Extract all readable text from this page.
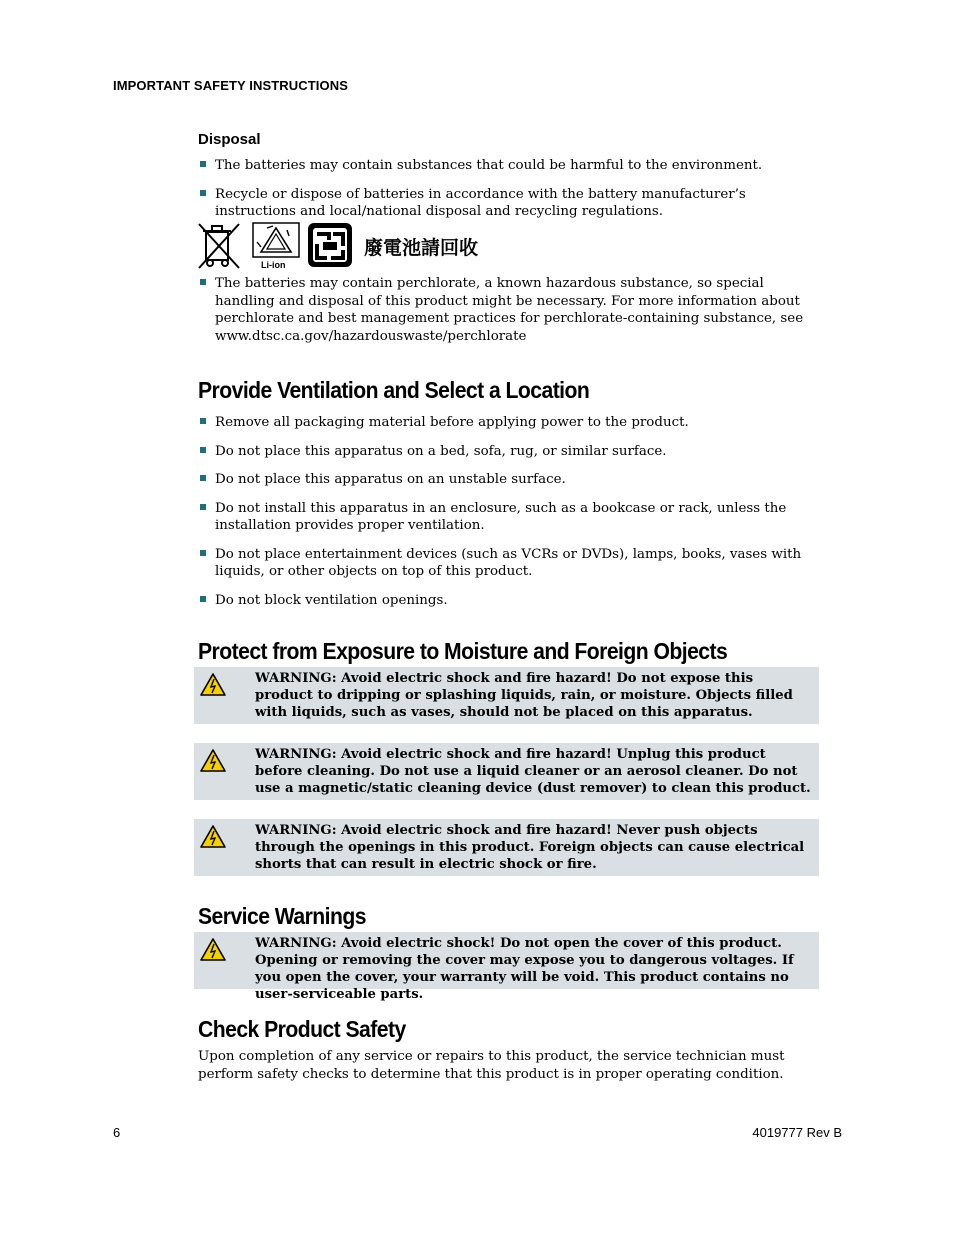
IMPORTANT SAFETY INSTRUCTIONS
Disposal
The batteries may contain substances that could be harmful to the environment.
Recycle or dispose of batteries in accordance with the battery manufacturer’s instructions and local/national disposal and recycling regulations.
Li-ion
廢電池請回收
The batteries may contain perchlorate, a known hazardous substance, so special handling and disposal of this product might be necessary. For more information about perchlorate and best management practices for perchlorate-containing substance, see www.dtsc.ca.gov/hazardouswaste/perchlorate
Provide Ventilation and Select a Location
Remove all packaging material before applying power to the product.
Do not place this apparatus on a bed, sofa, rug, or similar surface.
Do not place this apparatus on an unstable surface.
Do not install this apparatus in an enclosure, such as a bookcase or rack, unless the installation provides proper ventilation.
Do not place entertainment devices (such as VCRs or DVDs), lamps, books, vases with liquids, or other objects on top of this product.
Do not block ventilation openings.
Protect from Exposure to Moisture and Foreign Objects
WARNING: Avoid electric shock and fire hazard! Do not expose this product to dripping or splashing liquids, rain, or moisture. Objects filled with liquids, such as vases, should not be placed on this apparatus.
WARNING: Avoid electric shock and fire hazard! Unplug this product before cleaning. Do not use a liquid cleaner or an aerosol cleaner. Do not use a magnetic/static cleaning device (dust remover) to clean this product.
WARNING: Avoid electric shock and fire hazard! Never push objects through the openings in this product. Foreign objects can cause electrical shorts that can result in electric shock or fire.
Service Warnings
WARNING: Avoid electric shock! Do not open the cover of this product. Opening or removing the cover may expose you to dangerous voltages. If you open the cover, your warranty will be void. This product contains no user-serviceable parts.
Check Product Safety
Upon completion of any service or repairs to this product, the service technician must perform safety checks to determine that this product is in proper operating condition.
6	4019777 Rev B
